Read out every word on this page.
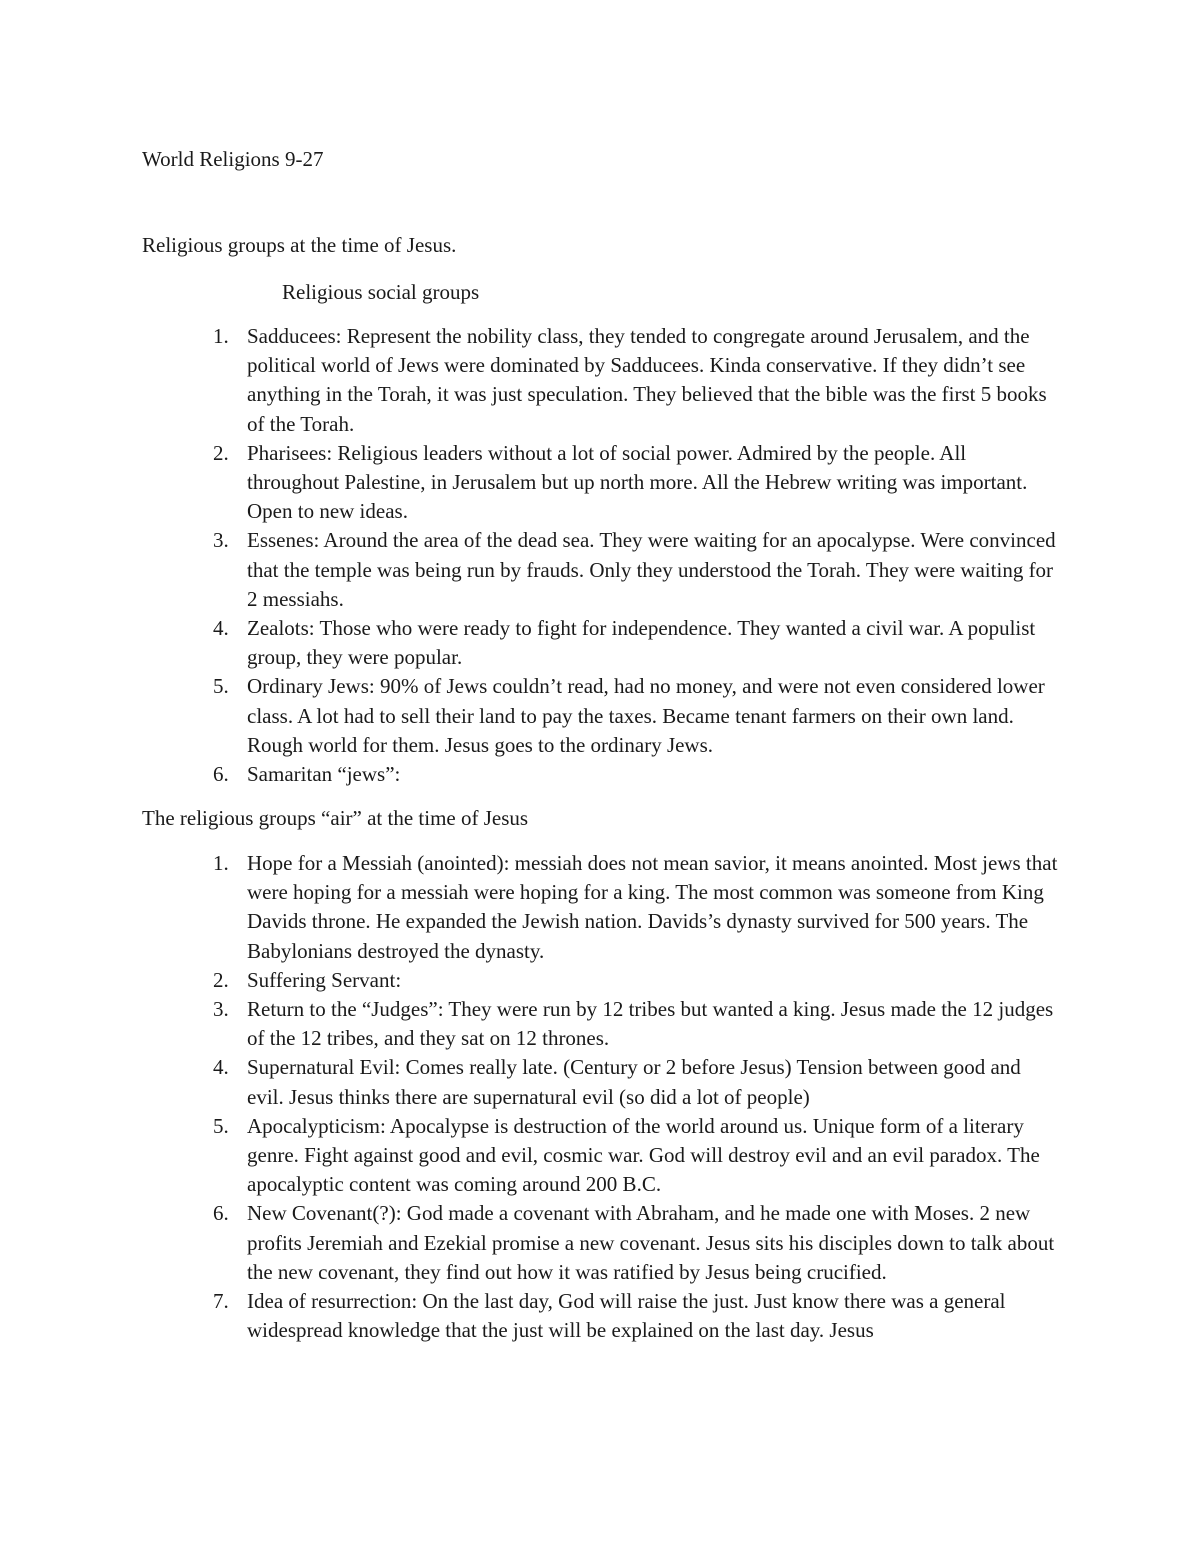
World Religions 9-27
Religious groups at the time of Jesus.
Religious social groups
1. Sadducees: Represent the nobility class, they tended to congregate around Jerusalem, and the political world of Jews were dominated by Sadducees. Kinda conservative. If they didn’t see anything in the Torah, it was just speculation. They believed that the bible was the first 5 books of the Torah.
2. Pharisees: Religious leaders without a lot of social power. Admired by the people. All throughout Palestine, in Jerusalem but up north more. All the Hebrew writing was important. Open to new ideas.
3. Essenes: Around the area of the dead sea. They were waiting for an apocalypse. Were convinced that the temple was being run by frauds. Only they understood the Torah. They were waiting for 2 messiahs.
4. Zealots: Those who were ready to fight for independence. They wanted a civil war. A populist group, they were popular.
5. Ordinary Jews: 90% of Jews couldn’t read, had no money, and were not even considered lower class. A lot had to sell their land to pay the taxes. Became tenant farmers on their own land. Rough world for them. Jesus goes to the ordinary Jews.
6. Samaritan “jews”:
The religious groups “air” at the time of Jesus
1. Hope for a Messiah (anointed): messiah does not mean savior, it means anointed. Most jews that were hoping for a messiah were hoping for a king. The most common was someone from King Davids throne. He expanded the Jewish nation. Davids’s dynasty survived for 500 years. The Babylonians destroyed the dynasty.
2. Suffering Servant:
3. Return to the “Judges”: They were run by 12 tribes but wanted a king. Jesus made the 12 judges of the 12 tribes, and they sat on 12 thrones.
4. Supernatural Evil: Comes really late. (Century or 2 before Jesus) Tension between good and evil. Jesus thinks there are supernatural evil (so did a lot of people)
5. Apocalypticism: Apocalypse is destruction of the world around us. Unique form of a literary genre. Fight against good and evil, cosmic war. God will destroy evil and an evil paradox. The apocalyptic content was coming around 200 B.C.
6. New Covenant(?): God made a covenant with Abraham, and he made one with Moses. 2 new profits Jeremiah and Ezekial promise a new covenant. Jesus sits his disciples down to talk about the new covenant, they find out how it was ratified by Jesus being crucified.
7. Idea of resurrection: On the last day, God will raise the just. Just know there was a general widespread knowledge that the just will be explained on the last day. Jesus
